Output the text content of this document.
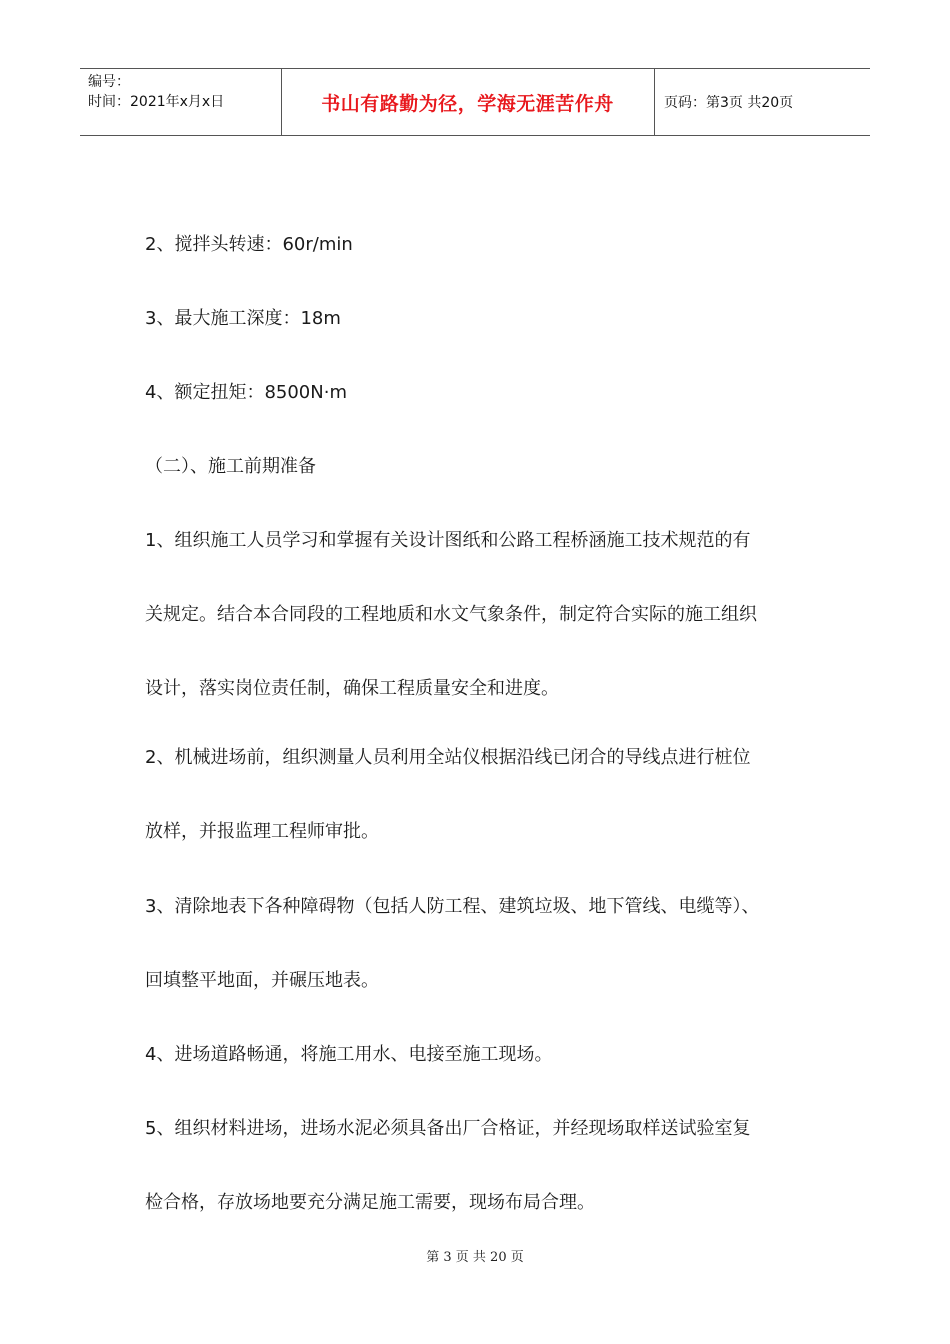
编号：
时间：2021年x月x日	书山有路勤为径，学海无涯苦作舟	页码：第3页 共20页
2、搅拌头转速：60r/min
3、最大施工深度：18m
4、额定扭矩：8500N·m
（二）、施工前期准备
1、组织施工人员学习和掌握有关设计图纸和公路工程桥涵施工技术规范的有
关规定。结合本合同段的工程地质和水文气象条件，制定符合实际的施工组织
设计，落实岗位责任制，确保工程质量安全和进度。
2、机械进场前，组织测量人员利用全站仪根据沿线已闭合的导线点进行桩位
放样，并报监理工程师审批。
3、清除地表下各种障碍物（包括人防工程、建筑垃圾、地下管线、电缆等）、
回填整平地面，并碾压地表。
4、进场道路畅通，将施工用水、电接至施工现场。
5、组织材料进场，进场水泥必须具备出厂合格证，并经现场取样送试验室复
检合格，存放场地要充分满足施工需要，现场布局合理。
第 3 页 共 20 页
